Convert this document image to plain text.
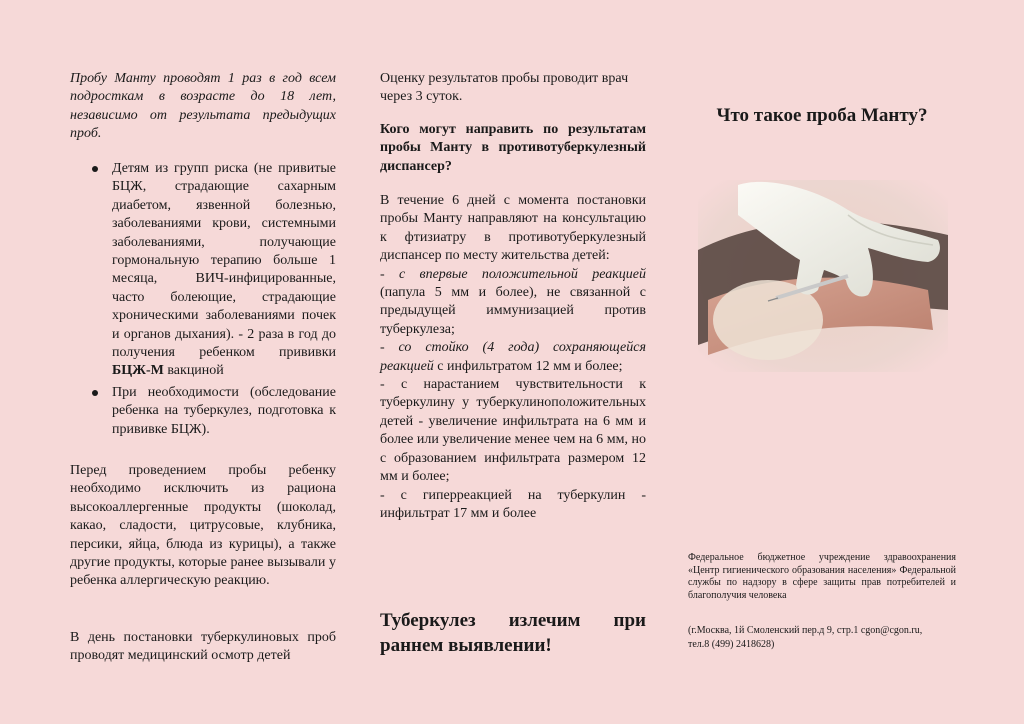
Пробу Манту проводят 1 раз в год всем подросткам в возрасте до 18 лет, независимо от результата предыдущих проб.

Детям из групп риска (не привитые БЦЖ, страдающие сахарным диабетом, язвенной болезнью, заболеваниями крови, системными заболеваниями, получающие гормональную терапию больше 1 месяца, ВИЧ-инфицированные, часто болеющие, страдающие хроническими заболеваниями почек и органов дыхания). - 2 раза в год до получения ребенком прививки БЦЖ-М вакциной
При необходимости (обследование ребенка на туберкулез, подготовка к прививке БЦЖ).

Перед проведением пробы ребенку необходимо исключить из рациона высокоаллергенные продукты (шоколад, какао, сладости, цитрусовые, клубника, персики, яйца, блюда из курицы), а также другие продукты, которые ранее вызывали у ребенка аллергическую реакцию.

В день постановки туберкулиновых проб проводят медицинский осмотр детей

Оценку результатов пробы проводит врач через 3 суток.

Кого могут направить по результатам пробы Манту в противотуберкулезный диспансер?

В течение 6 дней с момента постановки пробы Манту направляют на консультацию к фтизиатру в противотуберкулезный диспансер по месту жительства детей:

- с впервые положительной реакцией (папула 5 мм и более), не связанной с предыдущей иммунизацией против туберкулеза;

- со стойко (4 года) сохраняющейся реакцией с инфильтратом 12 мм и более;

- с нарастанием чувствительности к туберкулину у туберкулиноположительных детей - увеличение инфильтрата на 6 мм и более или увеличение менее чем на 6 мм, но с образованием инфильтрата размером 12 мм и более;

- с гиперреакцией на туберкулин - инфильтрат 17 мм и более

Туберкулез излечим при раннем выявлении!

Что такое проба Манту?

Федеральное бюджетное учреждение здравоохранения «Центр гигиенического образования населения» Федеральной службы по надзору в сфере защиты прав потребителей и благополучия человека

(г.Москва, 1й Смоленский пер.д 9, стр.1 cgon@cgon.ru,

тел.8 (499) 2418628)
